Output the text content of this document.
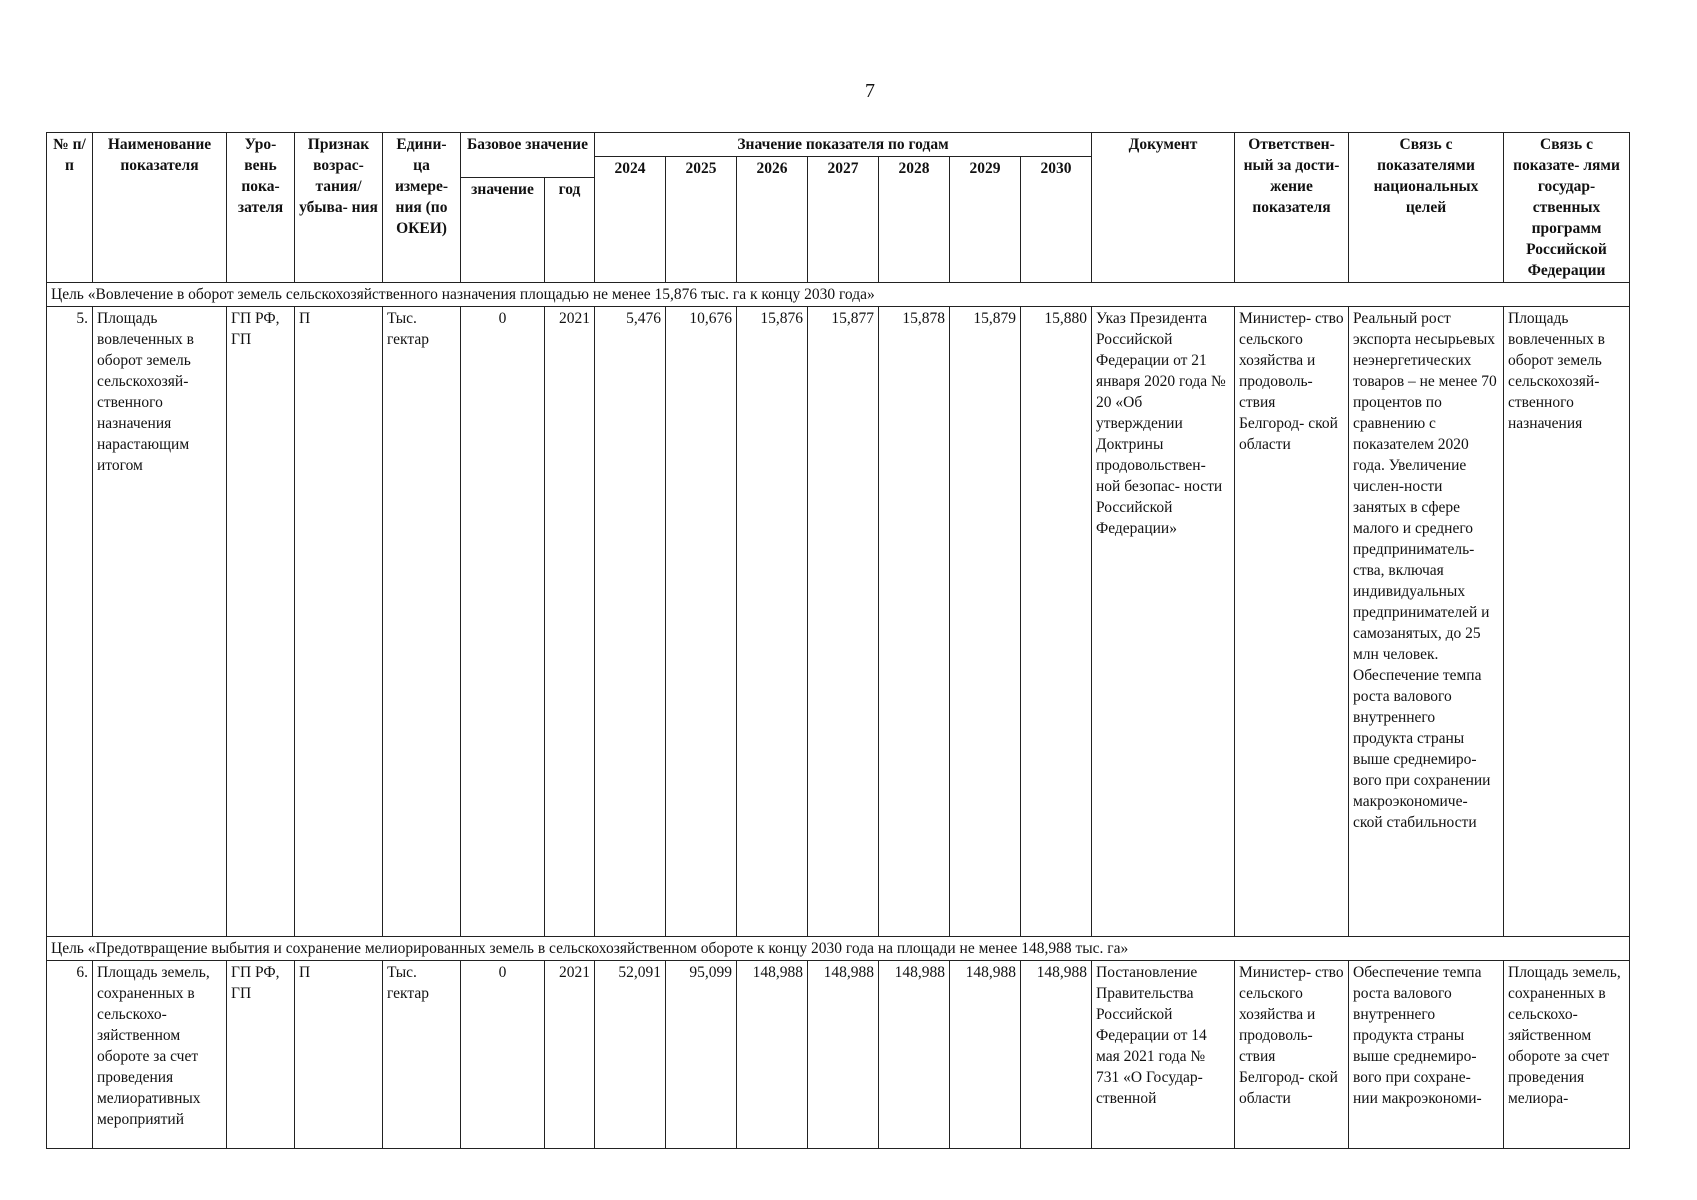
7
№ п/п	Наименование показателя	Уро- вень пока- зателя	Признак возрас- тания/ убыва- ния	Едини- ца измере- ния (по ОКЕИ)	Базовое значение		Значение показателя по годам							Документ	Ответствен- ный за дости- жение показателя	Связь с показателями национальных целей	Связь с показате- лями государ- ственных программ Российской Федерации
							2024	2025	2026	2027	2028	2029	2030				
					значение	год											
Цель «Вовлечение в оборот земель сельскохозяйственного назначения площадью не менее 15,876 тыс. га к концу 2030 года»																	
5.	Площадь вовлеченных в оборот земель сельскохозяй- ственного назначения нарастающим итогом	ГП РФ, ГП	П	Тыс. гектар	0	2021	5,476	10,676	15,876	15,877	15,878	15,879	15,880	Указ Президента Российской Федерации от 21 января 2020 года № 20 «Об утверждении Доктрины продовольствен- ной безопас- ности Российской Федерации»	Министер- ство сельского хозяйства и продоволь- ствия Белгород- ской области	Реальный рост экспорта несырьевых неэнергетических товаров – не менее 70 процентов по сравнению с показателем 2020 года. Увеличение числен-ности занятых в сфере малого и среднего предприниматель- ства, включая индивидуальных предпринимателей и самозанятых, до 25 млн человек. Обеспечение темпа роста валового внутреннего продукта страны выше среднемиро- вого при сохранении макроэкономиче- ской стабильности	Площадь вовлеченных в оборот земель сельскохозяй- ственного назначения
Цель «Предотвращение выбытия и сохранение мелиорированных земель в сельскохозяйственном обороте к концу 2030 года на площади не менее 148,988 тыс. га»																	
6.	Площадь земель, сохраненных в сельскохо- зяйственном обороте за счет проведения мелиоративных мероприятий	ГП РФ, ГП	П	Тыс. гектар	0	2021	52,091	95,099	148,988	148,988	148,988	148,988	148,988	Постановление Правительства Российской Федерации от 14 мая 2021 года № 731 «О Государ- ственной	Министер- ство сельского хозяйства и продоволь- ствия Белгород- ской области	Обеспечение темпа роста валового внутреннего продукта страны выше среднемиро- вого при сохране- нии макроэкономи-	Площадь земель, сохраненных в сельскохо- зяйственном обороте за счет проведения мелиора-
